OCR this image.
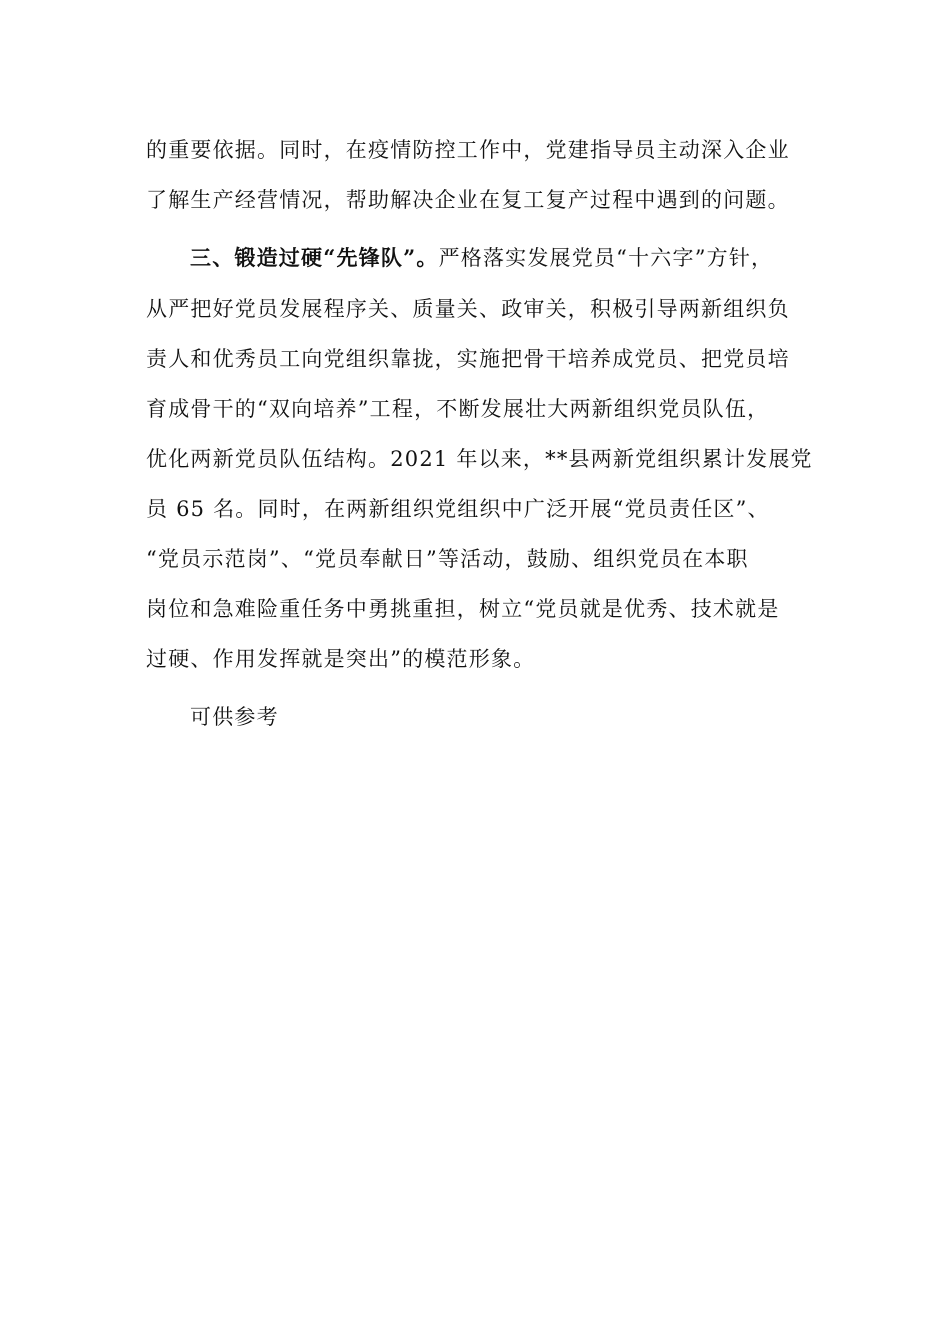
的重要依据。同时，在疫情防控工作中，党建指导员主动深入企业
了解生产经营情况，帮助解决企业在复工复产过程中遇到的问题。
三、锻造过硬“先锋队”。严格落实发展党员“十六字”方针，
从严把好党员发展程序关、质量关、政审关，积极引导两新组织负
责人和优秀员工向党组织靠拢，实施把骨干培养成党员、把党员培
育成骨干的“双向培养”工程，不断发展壮大两新组织党员队伍，
优化两新党员队伍结构。2021 年以来，**县两新党组织累计发展党
员 65 名。同时，在两新组织党组织中广泛开展“党员责任区”、
“党员示范岗”、“党员奉献日”等活动，鼓励、组织党员在本职
岗位和急难险重任务中勇挑重担，树立“党员就是优秀、技术就是
过硬、作用发挥就是突出”的模范形象。
可供参考
